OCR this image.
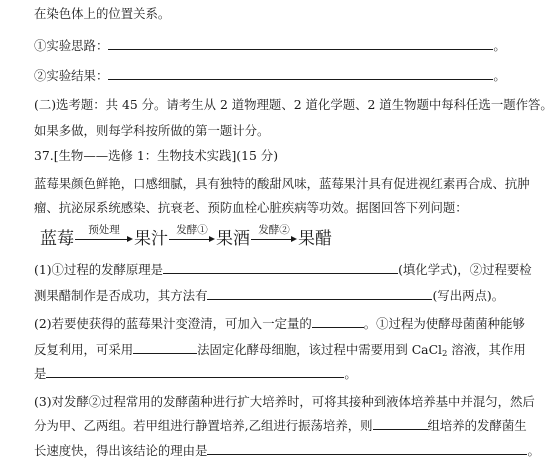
在染色体上的位置关系。
①实验思路：	。
②实验结果：	。
(二)选考题：共 45 分。请考生从 2 道物理题、2 道化学题、2 道生物题中每科任选一题作答。
如果多做，则每学科按所做的第一题计分。
37.[生物——选修 1：生物技术实践](15 分)
蓝莓果颜色鲜艳，口感细腻，具有独特的酸甜风味，蓝莓果汁具有促进视红素再合成、抗肿
瘤、抗泌尿系统感染、抗衰老、预防血栓心脏疾病等功效。据图回答下列问题：
蓝莓	预处理 果汁 发酵① 果酒 发酵② 果醋
(1)①过程的发酵原理是	(填化学式)，②过程要检
测果醋制作是否成功，其方法有	(写出两点)。
(2)若要使获得的蓝莓果汁变澄清，可加入一定量的	。①过程为使酵母菌菌种能够
反复利用，可采用	法固定化酵母细胞，该过程中需要用到 CaCl$_2$ 溶液，其作用
是	。
(3)对发酵②过程常用的发酵菌种进行扩大培养时，可将其接种到液体培养基中并混匀，然后
分为甲、乙两组。若甲组进行静置培养,乙组进行振荡培养，则	组培养的发酵菌生
长速度快，得出该结论的理由是	。
